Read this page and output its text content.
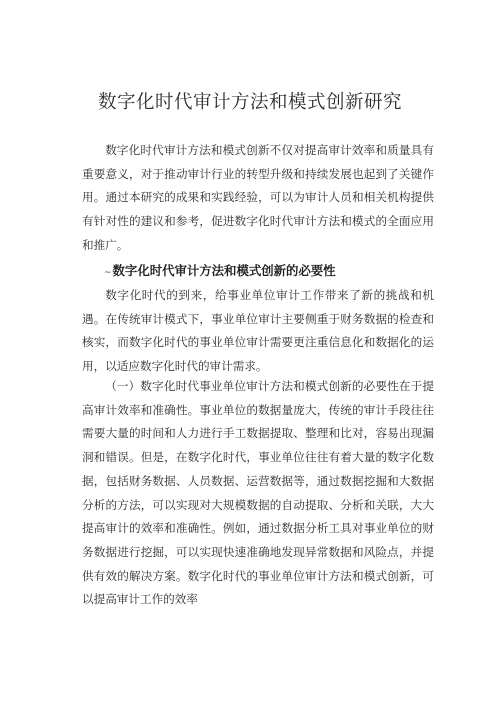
数字化时代审计方法和模式创新研究

数字化时代审计方法和模式创新不仅对提高审计效率和质量具有重要意义，对于推动审计行业的转型升级和持续发展也起到了关键作用。通过本研究的成果和实践经验，可以为审计人员和相关机构提供有针对性的建议和参考，促进数字化时代审计方法和模式的全面应用和推广。

~数字化时代审计方法和模式创新的必要性

数字化时代的到来，给事业单位审计工作带来了新的挑战和机遇。在传统审计模式下，事业单位审计主要侧重于财务数据的检查和核实，而数字化时代的事业单位审计需要更注重信息化和数据化的运用，以适应数字化时代的审计需求。

（一）数字化时代事业单位审计方法和模式创新的必要性在于提高审计效率和准确性。事业单位的数据量庞大，传统的审计手段往往需要大量的时间和人力进行手工数据提取、整理和比对，容易出现漏洞和错误。但是，在数字化时代，事业单位往往有着大量的数字化数据，包括财务数据、人员数据、运营数据等，通过数据挖掘和大数据分析的方法，可以实现对大规模数据的自动提取、分析和关联，大大提高审计的效率和准确性。例如，通过数据分析工具对事业单位的财务数据进行挖掘，可以实现快速准确地发现异常数据和风险点，并提供有效的解决方案。数字化时代的事业单位审计方法和模式创新，可以提高审计工作的效率
